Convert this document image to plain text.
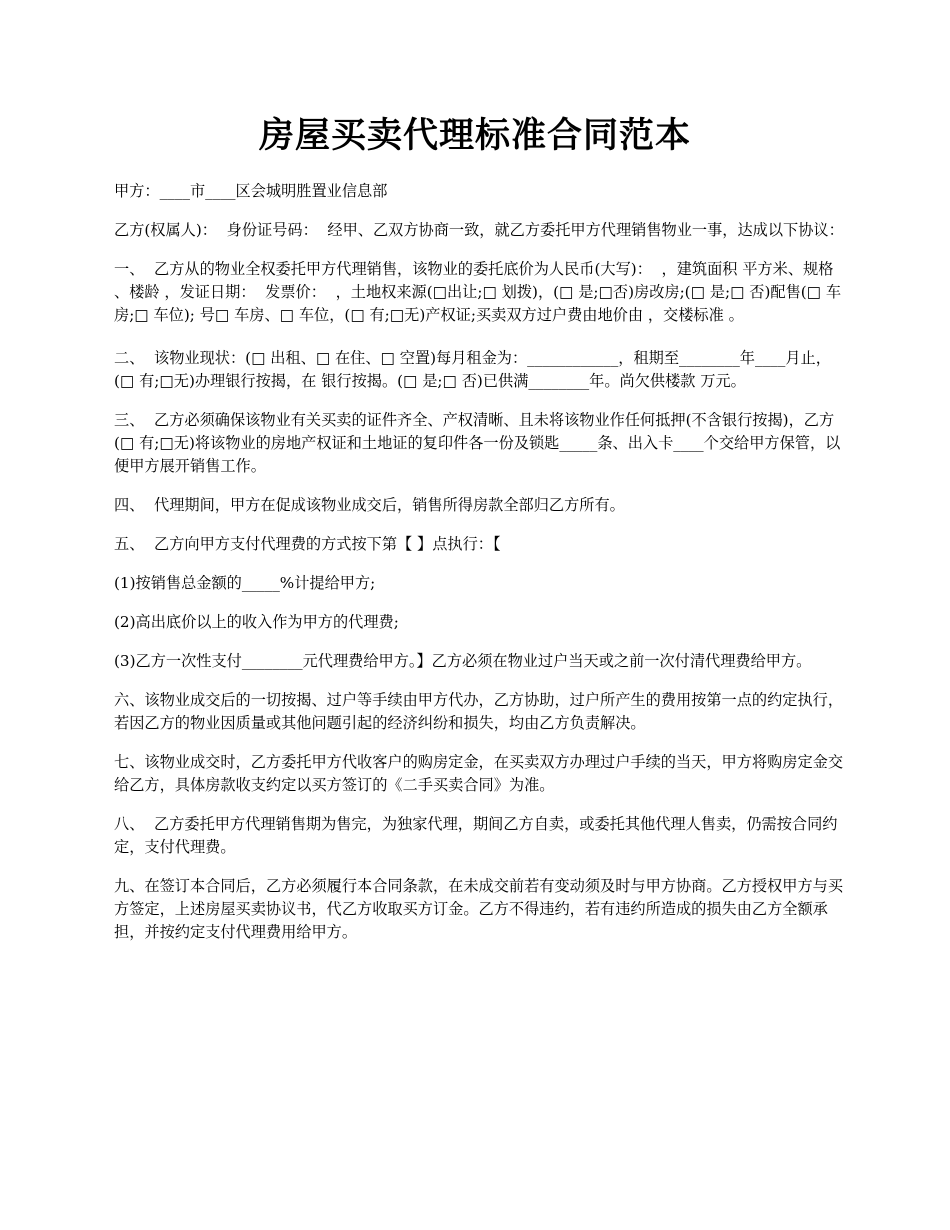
房屋买卖代理标准合同范本

甲方：____市____区会城明胜置业信息部

乙方(权属人)：  身份证号码：  经甲、乙双方协商一致，就乙方委托甲方代理销售物业一事，达成以下协议：

一、  乙方从的物业全权委托甲方代理销售，该物业的委托底价为人民币(大写)：  ，建筑面积 平方米、规格 、楼龄 ，发证日期：  发票价：  ，土地权来源(□出让;□ 划拨)，(□ 是;□否)房改房;(□ 是;□ 否)配售(□ 车房;□ 车位); 号□ 车房、□ 车位，(□ 有;□无)产权证;买卖双方过户费由地价由 ，交楼标准 。

二、  该物业现状：(□ 出租、□ 在住、□ 空置)每月租金为：____________，租期至________年____月止，(□ 有;□无)办理银行按揭，在 银行按揭。(□ 是;□ 否)已供满________年。尚欠供楼款 万元。

三、  乙方必须确保该物业有关买卖的证件齐全、产权清晰、且未将该物业作任何抵押(不含银行按揭)，乙方(□ 有;□无)将该物业的房地产权证和土地证的复印件各一份及锁匙_____条、出入卡____个交给甲方保管，以便甲方展开销售工作。

四、  代理期间，甲方在促成该物业成交后，销售所得房款全部归乙方所有。

五、  乙方向甲方支付代理费的方式按下第【 】点执行：【

(1)按销售总金额的_____%计提给甲方;

(2)高出底价以上的收入作为甲方的代理费;

(3)乙方一次性支付________元代理费给甲方。】乙方必须在物业过户当天或之前一次付清代理费给甲方。

六、该物业成交后的一切按揭、过户等手续由甲方代办，乙方协助，过户所产生的费用按第一点的约定执行，若因乙方的物业因质量或其他问题引起的经济纠纷和损失，均由乙方负责解决。

七、该物业成交时，乙方委托甲方代收客户的购房定金，在买卖双方办理过户手续的当天，甲方将购房定金交给乙方，具体房款收支约定以买方签订的《二手买卖合同》为准。

八、  乙方委托甲方代理销售期为售完，为独家代理，期间乙方自卖，或委托其他代理人售卖，仍需按合同约定，支付代理费。

九、在签订本合同后，乙方必须履行本合同条款，在未成交前若有变动须及时与甲方协商。乙方授权甲方与买方签定，上述房屋买卖协议书，代乙方收取买方订金。乙方不得违约，若有违约所造成的损失由乙方全额承担，并按约定支付代理费用给甲方。
